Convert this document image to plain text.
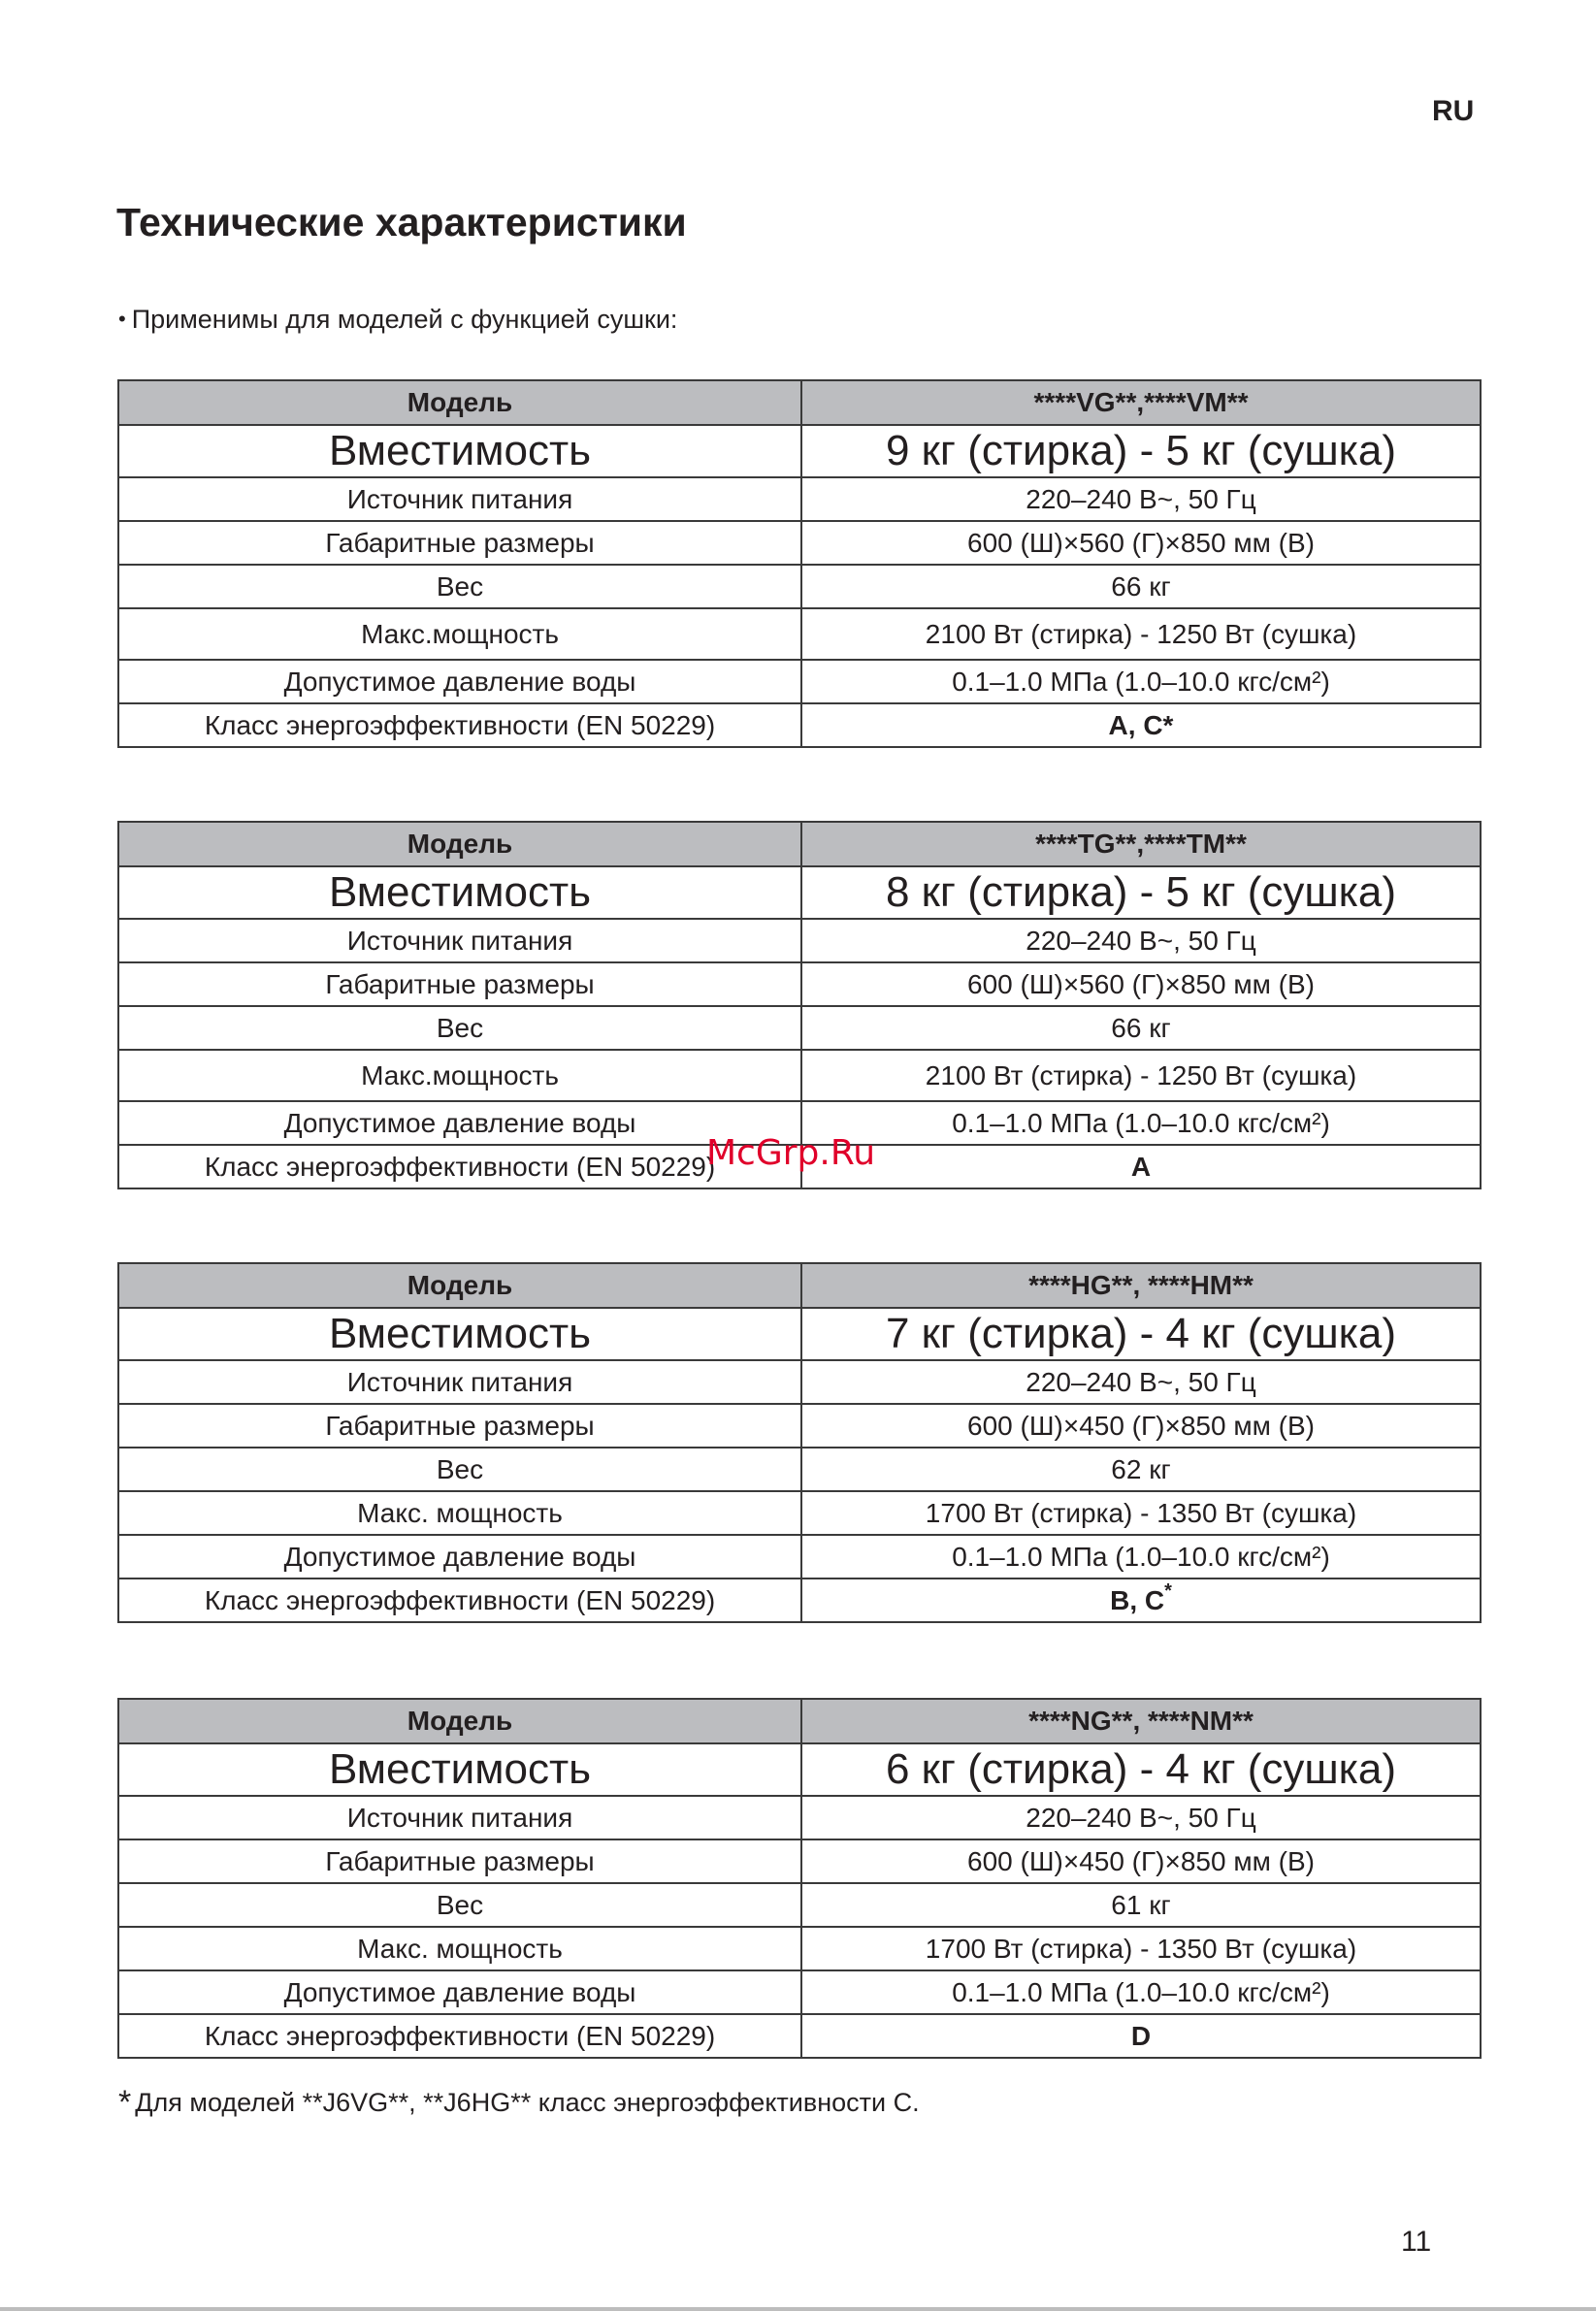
RU
Технические характеристики
• Применимы для моделей с функцией сушки:
Модель	****VG**,****VM**
Вместимость	9 кг (стирка) - 5 кг (сушка)
Источник питания	220–240 В~, 50 Гц
Габаритные размеры	600 (Ш)×560 (Г)×850 мм (В)
Вес	66 кг
Макс.мощность	2100 Вт (стирка) - 1250 Вт (сушка)
Допустимое давление воды	0.1–1.0 МПа (1.0–10.0 кгс/см²)
Класс энергоэффективности (EN 50229)	A, C*
Модель	****TG**,****TM**
Вместимость	8 кг (стирка) - 5 кг (сушка)
Источник питания	220–240 В~, 50 Гц
Габаритные размеры	600 (Ш)×560 (Г)×850 мм (В)
Вес	66 кг
Макс.мощность	2100 Вт (стирка) - 1250 Вт (сушка)
Допустимое давление воды	0.1–1.0 МПа (1.0–10.0 кгс/см²)
Класс энергоэффективности (EN 50229)	A
Модель	****HG**, ****HM**
Вместимость	7 кг (стирка) - 4 кг (сушка)
Источник питания	220–240 В~, 50 Гц
Габаритные размеры	600 (Ш)×450 (Г)×850 мм (В)
Вес	62 кг
Макс. мощность	1700 Вт (стирка) - 1350 Вт (сушка)
Допустимое давление воды	0.1–1.0 МПа (1.0–10.0 кгс/см²)
Класс энергоэффективности (EN 50229)	B, C*
Модель	****NG**, ****NM**
Вместимость	6 кг (стирка) - 4 кг (сушка)
Источник питания	220–240 В~, 50 Гц
Габаритные размеры	600 (Ш)×450 (Г)×850 мм (В)
Вес	61 кг
Макс. мощность	1700 Вт (стирка) - 1350 Вт (сушка)
Допустимое давление воды	0.1–1.0 МПа (1.0–10.0 кгс/см²)
Класс энергоэффективности (EN 50229)	D
* Для моделей **J6VG**, **J6HG** класс энергоэффективности C.
McGrp.Ru
11
